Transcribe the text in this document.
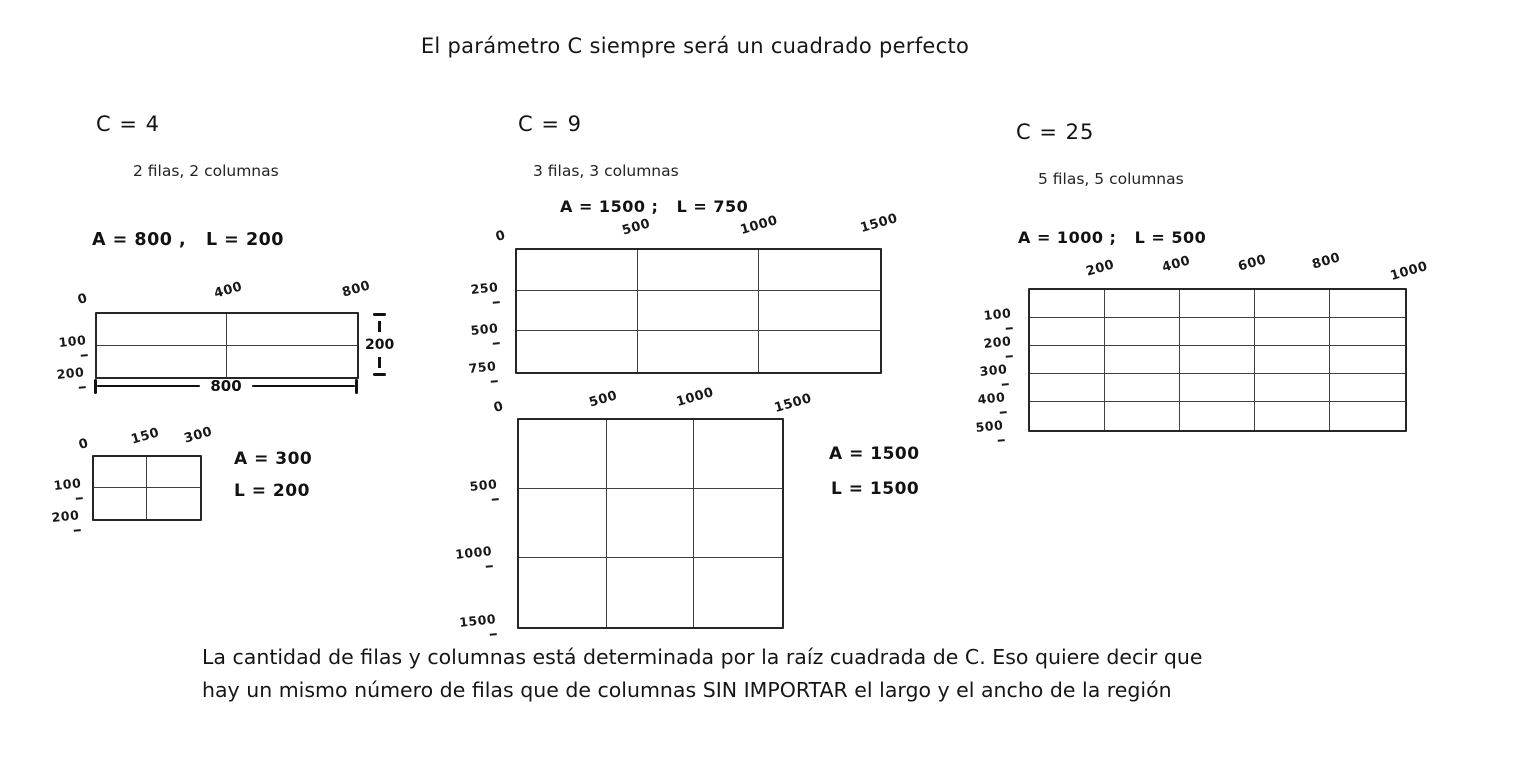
El parámetro C siempre será un cuadrado perfecto
C = 4
2 filas, 2 columnas
A = 800 ,   L = 200
0	400	800
100
200
200
800
0	150 300
100
200
A = 300
L = 200
C = 9
3 filas, 3 columnas
A = 1500 ;   L = 750
0	500	1000	1500
250
500
750
0	500	1000	1500
500
1000
1500
A = 1500
L = 1500
C = 25
5 filas, 5 columnas
A = 1000 ;   L = 500
200	400	600	800	1000
100
200
300
400
500
La cantidad de filas y columnas está determinada por la raíz cuadrada de C. Eso quiere decir que
hay un mismo número de filas que de columnas SIN IMPORTAR el largo y el ancho de la región
